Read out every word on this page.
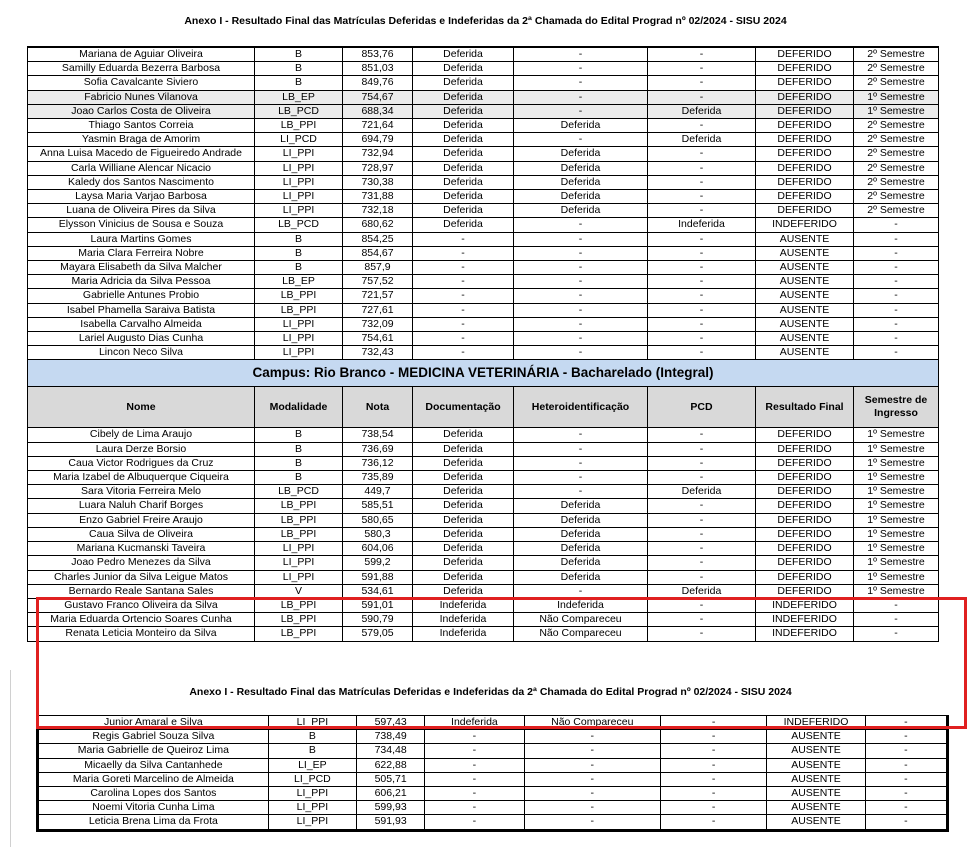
Anexo I - Resultado Final das Matrículas Deferidas e Indeferidas da 2ª Chamada do Edital Prograd nº 02/2024 - SISU 2024
Mariana de Aguiar Oliveira	B	853,76	Deferida	-	-	DEFERIDO	2º Semestre
Samilly Eduarda Bezerra Barbosa	B	851,03	Deferida	-	-	DEFERIDO	2º Semestre
Sofia Cavalcante Siviero	B	849,76	Deferida	-	-	DEFERIDO	2º Semestre
Fabricio Nunes Vilanova	LB_EP	754,67	Deferida	-	-	DEFERIDO	1º Semestre
Joao Carlos Costa de Oliveira	LB_PCD	688,34	Deferida	-	Deferida	DEFERIDO	1º Semestre
Thiago Santos Correia	LB_PPI	721,64	Deferida	Deferida	-	DEFERIDO	2º Semestre
Yasmin Braga de Amorim	LI_PCD	694,79	Deferida	-	Deferida	DEFERIDO	2º Semestre
Anna Luisa Macedo de Figueiredo Andrade	LI_PPI	732,94	Deferida	Deferida	-	DEFERIDO	2º Semestre
Carla Williane Alencar Nicacio	LI_PPI	728,97	Deferida	Deferida	-	DEFERIDO	2º Semestre
Kaledy dos Santos Nascimento	LI_PPI	730,38	Deferida	Deferida	-	DEFERIDO	2º Semestre
Laysa Maria Varjao Barbosa	LI_PPI	731,88	Deferida	Deferida	-	DEFERIDO	2º Semestre
Luana de Oliveira Pires da Silva	LI_PPI	732,18	Deferida	Deferida	-	DEFERIDO	2º Semestre
Elysson Vinicius de Sousa e Souza	LB_PCD	680,62	Deferida	-	Indeferida	INDEFERIDO	-
Laura Martins Gomes	B	854,25	-	-	-	AUSENTE	-
Maria Clara Ferreira Nobre	B	854,67	-	-	-	AUSENTE	-
Mayara Elisabeth da Silva Malcher	B	857,9	-	-	-	AUSENTE	-
Maria Adricia da Silva Pessoa	LB_EP	757,52	-	-	-	AUSENTE	-
Gabrielle Antunes Probio	LB_PPI	721,57	-	-	-	AUSENTE	-
Isabel Phamella Saraiva Batista	LB_PPI	727,61	-	-	-	AUSENTE	-
Isabella Carvalho Almeida	LI_PPI	732,09	-	-	-	AUSENTE	-
Lariel Augusto Dias Cunha	LI_PPI	754,61	-	-	-	AUSENTE	-
Lincon Neco Silva	LI_PPI	732,43	-	-	-	AUSENTE	-
Campus: Rio Branco - MEDICINA VETERINÁRIA - Bacharelado (Integral)							
Nome	Modalidade	Nota	Documentação	Heteroidentificação	PCD	Resultado Final	Semestre de Ingresso
Cibely de Lima Araujo	B	738,54	Deferida	-	-	DEFERIDO	1º Semestre
Laura Derze Borsio	B	736,69	Deferida	-	-	DEFERIDO	1º Semestre
Caua Victor Rodrigues da Cruz	B	736,12	Deferida	-	-	DEFERIDO	1º Semestre
Maria Izabel de Albuquerque Ciqueira	B	735,89	Deferida	-	-	DEFERIDO	1º Semestre
Sara Vitoria Ferreira Melo	LB_PCD	449,7	Deferida	-	Deferida	DEFERIDO	1º Semestre
Luara Naluh Charif Borges	LB_PPI	585,51	Deferida	Deferida	-	DEFERIDO	1º Semestre
Enzo Gabriel Freire Araujo	LB_PPI	580,65	Deferida	Deferida	-	DEFERIDO	1º Semestre
Caua Silva de Oliveira	LB_PPI	580,3	Deferida	Deferida	-	DEFERIDO	1º Semestre
Mariana Kucmanski Taveira	LI_PPI	604,06	Deferida	Deferida	-	DEFERIDO	1º Semestre
Joao Pedro Menezes da Silva	LI_PPI	599,2	Deferida	Deferida	-	DEFERIDO	1º Semestre
Charles Junior da Silva Leigue Matos	LI_PPI	591,88	Deferida	Deferida	-	DEFERIDO	1º Semestre
Bernardo Reale Santana Sales	V	534,61	Deferida	-	Deferida	DEFERIDO	1º Semestre
Gustavo Franco Oliveira da Silva	LB_PPI	591,01	Indeferida	Indeferida	-	INDEFERIDO	-
Maria Eduarda Ortencio Soares Cunha	LB_PPI	590,79	Indeferida	Não Compareceu	-	INDEFERIDO	-
Renata Leticia Monteiro da Silva	LB_PPI	579,05	Indeferida	Não Compareceu	-	INDEFERIDO	-
Anexo I - Resultado Final das Matrículas Deferidas e Indeferidas da 2ª Chamada do Edital Prograd nº 02/2024 - SISU 2024
Junior Amaral e Silva	LI_PPI	597,43	Indeferida	Não Compareceu	-	INDEFERIDO	-
Regis Gabriel Souza Silva	B	738,49	-	-	-	AUSENTE	-
Maria Gabrielle de Queiroz Lima	B	734,48	-	-	-	AUSENTE	-
Micaelly da Silva Cantanhede	LI_EP	622,88	-	-	-	AUSENTE	-
Maria Goreti Marcelino de Almeida	LI_PCD	505,71	-	-	-	AUSENTE	-
Carolina Lopes dos Santos	LI_PPI	606,21	-	-	-	AUSENTE	-
Noemi Vitoria Cunha Lima	LI_PPI	599,93	-	-	-	AUSENTE	-
Leticia Brena Lima da Frota	LI_PPI	591,93	-	-	-	AUSENTE	-
